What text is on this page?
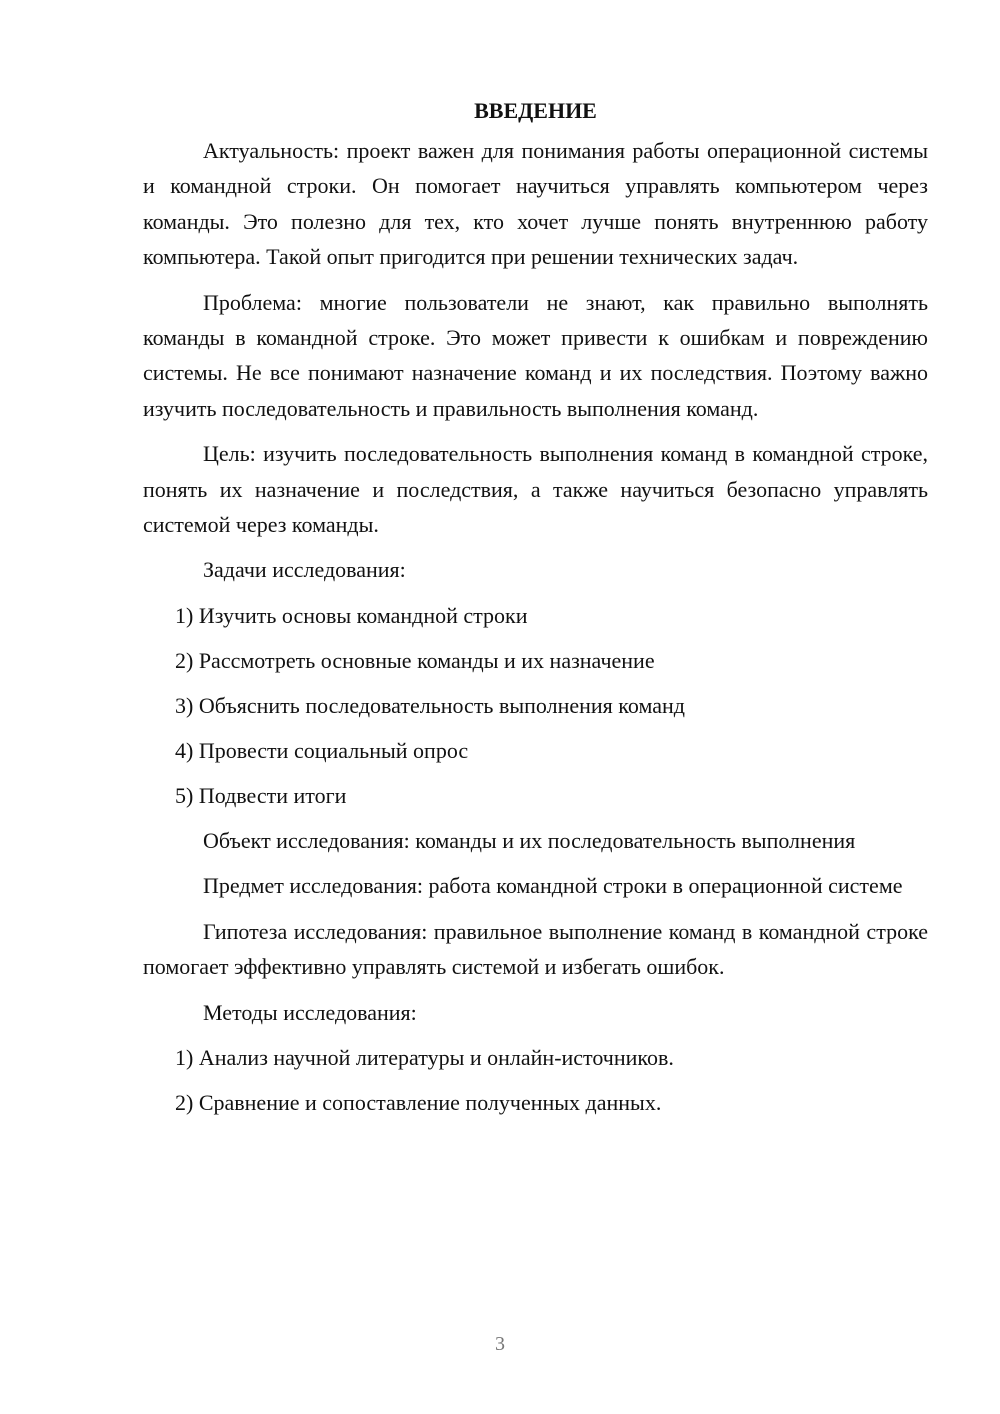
ВВЕДЕНИЕ

Актуальность: проект важен для понимания работы операционной системы и командной строки. Он помогает научиться управлять компьютером через команды. Это полезно для тех, кто хочет лучше понять внутреннюю работу компьютера. Такой опыт пригодится при решении технических задач.

Проблема: многие пользователи не знают, как правильно выполнять команды в командной строке. Это может привести к ошибкам и повреждению системы. Не все понимают назначение команд и их последствия. Поэтому важно изучить последовательность и правильность выполнения команд.

Цель: изучить последовательность выполнения команд в командной строке, понять их назначение и последствия, а также научиться безопасно управлять системой через команды.

Задачи исследования:

1) Изучить основы командной строки
2) Рассмотреть основные команды и их назначение
3) Объяснить последовательность выполнения команд
4) Провести социальный опрос
5) Подвести итоги

Объект исследования: команды и их последовательность выполнения

Предмет исследования: работа командной строки в операционной системе

Гипотеза исследования: правильное выполнение команд в командной строке помогает эффективно управлять системой и избегать ошибок.

Методы исследования:

1) Анализ научной литературы и онлайн-источников.
2) Сравнение и сопоставление полученных данных.
3
